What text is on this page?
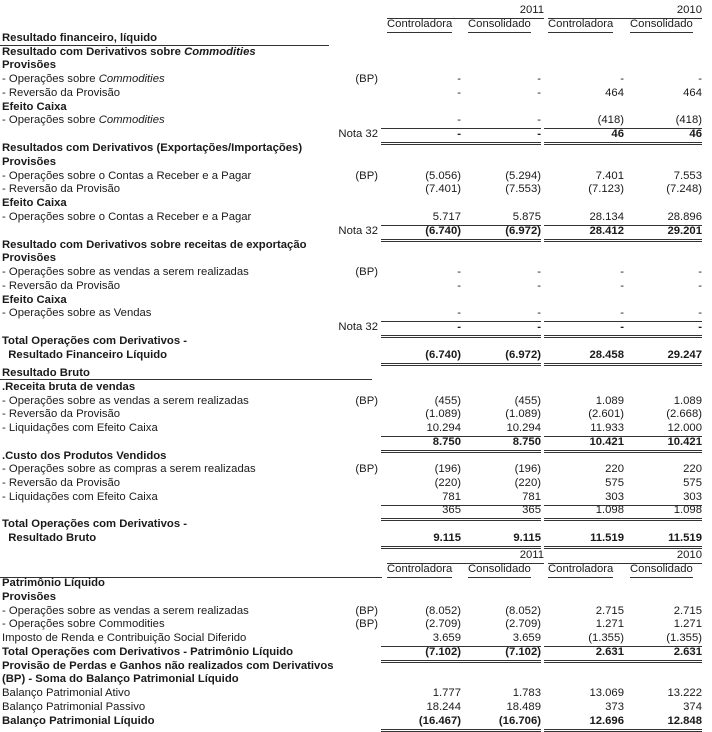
2011	2010
Controladora Consolidado Controladora Consolidado
2011	2010
Controladora Consolidado Controladora Consolidado
Resultado financeiro, líquido
Resultado com Derivativos sobre Commodities
Provisões
- Operações sobre Commodities	(BP)	-	-	-	-
- Reversão da Provisão	-	-	464	464
Efeito Caixa
- Operações sobre Commodities	-	-	(418)	(418)
Nota 32	-	-	46	46
Resultados com Derivativos (Exportações/Importações)
Provisões
- Operações sobre o Contas a Receber e a Pagar	(BP)	(5.056)	(5.294)	7.401	7.553
- Reversão da Provisão	(7.401)	(7.553)	(7.123)	(7.248)
Efeito Caixa
- Operações sobre o Contas a Receber e a Pagar	5.717	5.875	28.134	28.896
Nota 32	(6.740)	(6.972)	28.412	29.201
Resultado com Derivativos sobre receitas de exportação
Provisões
- Operações sobre as vendas a serem realizadas	(BP)	-	-	-	-
- Reversão da Provisão	-	-	-	-
Efeito Caixa
- Operações sobre as Vendas	-	-	-	-
Nota 32	-	-	-	-
Total Operações com Derivativos -
Resultado Financeiro Líquido	(6.740)	(6.972)	28.458	29.247
Resultado Bruto
.Receita bruta de vendas
- Operações sobre as vendas a serem realizadas	(BP)	(455)	(455)	1.089	1.089
- Reversão da Provisão	(1.089)	(1.089)	(2.601)	(2.668)
- Liquidações com Efeito Caixa	10.294	10.294	11.933	12.000
8.750	8.750	10.421	10.421
.Custo dos Produtos Vendidos
- Operações sobre as compras a serem realizadas	(BP)	(196)	(196)	220	220
- Reversão da Provisão	(220)	(220)	575	575
- Liquidações com Efeito Caixa	781	781	303	303
365	365	1.098	1.098
Total Operações com Derivativos -
Resultado Bruto	9.115	9.115	11.519	11.519
Patrimônio Líquido
Provisões
- Operações sobre as vendas a serem realizadas	(BP)	(8.052)	(8.052)	2.715	2.715
- Operações sobre Commodities	(BP)	(2.709)	(2.709)	1.271	1.271
Imposto de Renda e Contribuição Social Diferido	3.659	3.659	(1.355)	(1.355)
Total Operações com Derivativos - Patrimônio Líquido	(7.102)	(7.102)	2.631	2.631
Provisão de Perdas e Ganhos não realizados com Derivativos
(BP) - Soma do Balanço Patrimonial Líquido
Balanço Patrimonial Ativo	1.777	1.783	13.069	13.222
Balanço Patrimonial Passivo	18.244	18.489	373	374
Balanço Patrimonial Líquido	(16.467)	(16.706)	12.696	12.848
